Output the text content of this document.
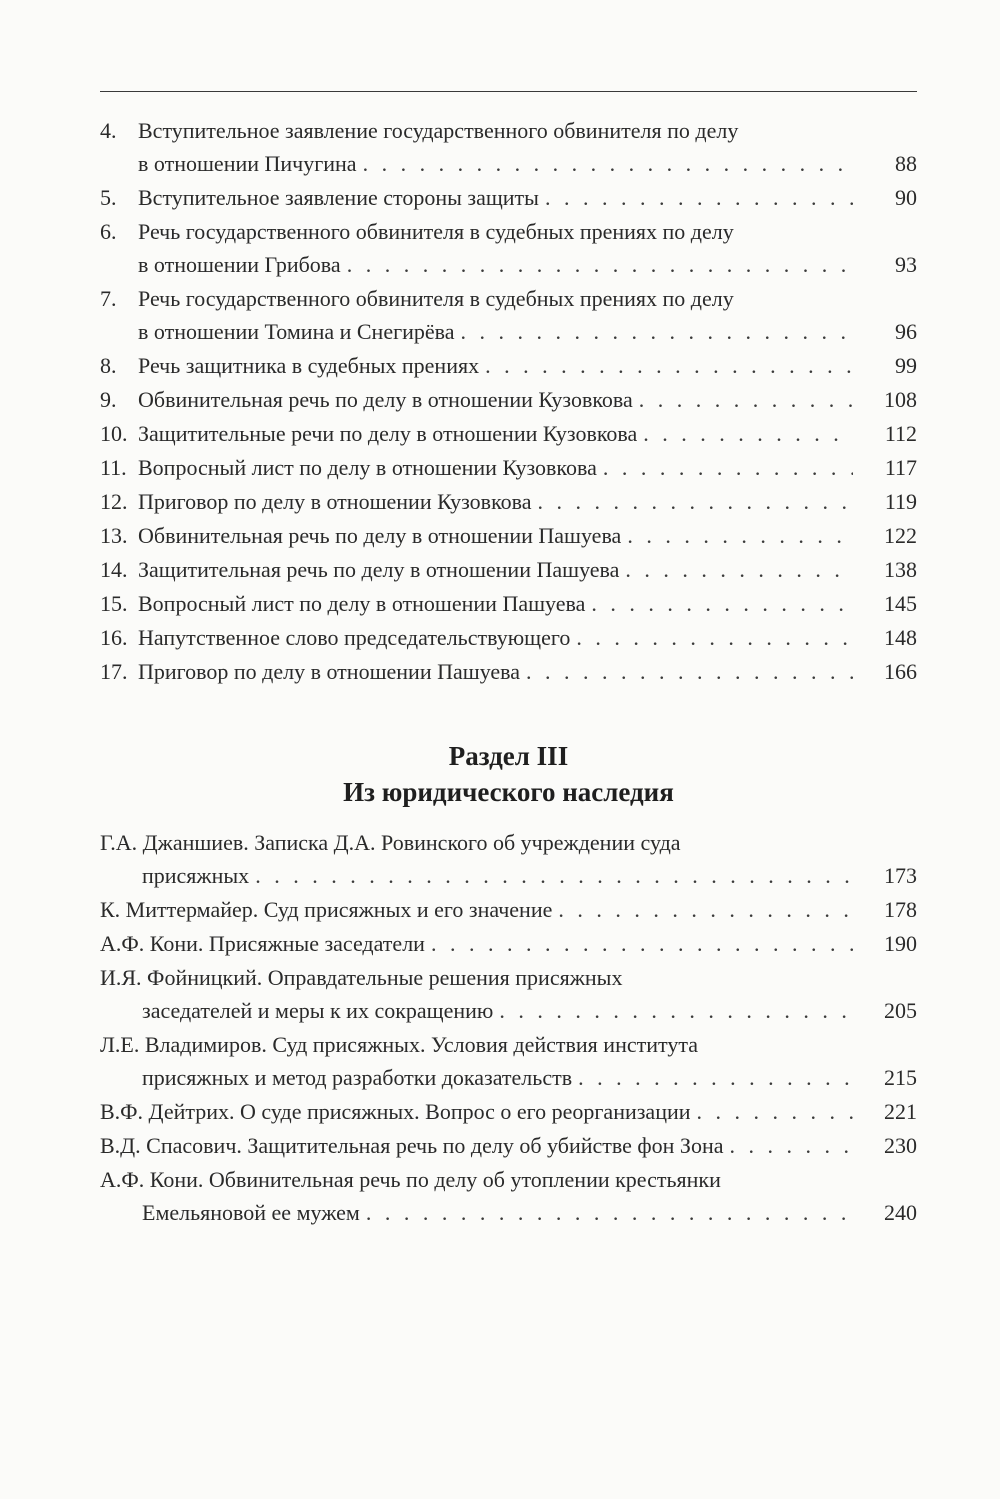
4. Вступительное заявление государственного обвинителя по делу
в отношении Пичугина . . .	88
5. Вступительное заявление стороны защиты . . .	90
6. Речь государственного обвинителя в судебных прениях по делу
в отношении Грибова . . .	93
7. Речь государственного обвинителя в судебных прениях по делу
в отношении Томина и Снегирёва . . .	96
8. Речь защитника в судебных прениях . . .	99
9. Обвинительная речь по делу в отношении Кузовкова . . .	108
10. Защитительные речи по делу в отношении Кузовкова . . .	112
11. Вопросный лист по делу в отношении Кузовкова . . .	117
12. Приговор по делу в отношении Кузовкова . . .	119
13. Обвинительная речь по делу в отношении Пашуева . . .	122
14. Защитительная речь по делу в отношении Пашуева . . .	138
15. Вопросный лист по делу в отношении Пашуева . . .	145
16. Напутственное слово председательствующего . . .	148
17. Приговор по делу в отношении Пашуева . . .	166
Раздел III
Из юридического наследия
Г.А. Джаншиев. Записка Д.А. Ровинского об учреждении суда
присяжных . . .	173
К. Миттермайер. Суд присяжных и его значение . . .	178
А.Ф. Кони. Присяжные заседатели . . .	190
И.Я. Фойницкий. Оправдательные решения присяжных
заседателей и меры к их сокращению . . .	205
Л.Е. Владимиров. Суд присяжных. Условия действия института
присяжных и метод разработки доказательств . . .	215
В.Ф. Дейтрих. О суде присяжных. Вопрос о его реорганизации . . .	221
В.Д. Спасович. Защитительная речь по делу об убийстве фон Зона . . .	230
А.Ф. Кони. Обвинительная речь по делу об утоплении крестьянки
Емельяновой ее мужем . . .	240
